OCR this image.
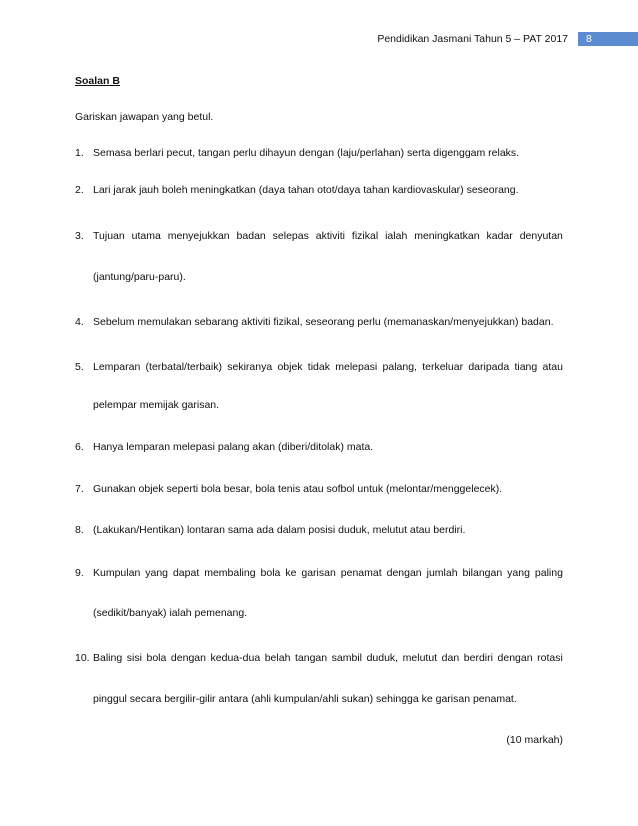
Pendidikan Jasmani Tahun 5 – PAT 2017	8
Soalan B
Gariskan jawapan yang betul.
1. Semasa berlari pecut, tangan perlu dihayun dengan (laju/perlahan) serta digenggam relaks.
2. Lari jarak jauh boleh meningkatkan (daya tahan otot/daya tahan kardiovaskular) seseorang.
3. Tujuan utama menyejukkan badan selepas aktiviti fizikal ialah meningkatkan kadar denyutan
(jantung/paru-paru).
4. Sebelum memulakan sebarang aktiviti fizikal, seseorang perlu (memanaskan/menyejukkan) badan.
5. Lemparan (terbatal/terbaik) sekiranya objek tidak melepasi palang, terkeluar daripada tiang atau
pelempar memijak garisan.
6. Hanya lemparan melepasi palang akan (diberi/ditolak) mata.
7. Gunakan objek seperti bola besar, bola tenis atau sofbol untuk (melontar/menggelecek).
8. (Lakukan/Hentikan) lontaran sama ada dalam posisi duduk, melutut atau berdiri.
9. Kumpulan yang dapat membaling bola ke garisan penamat dengan jumlah bilangan yang paling
(sedikit/banyak) ialah pemenang.
10. Baling sisi bola dengan kedua-dua belah tangan sambil duduk, melutut dan berdiri dengan rotasi
pinggul secara bergilir-gilir antara (ahli kumpulan/ahli sukan) sehingga ke garisan penamat.
(10 markah)
